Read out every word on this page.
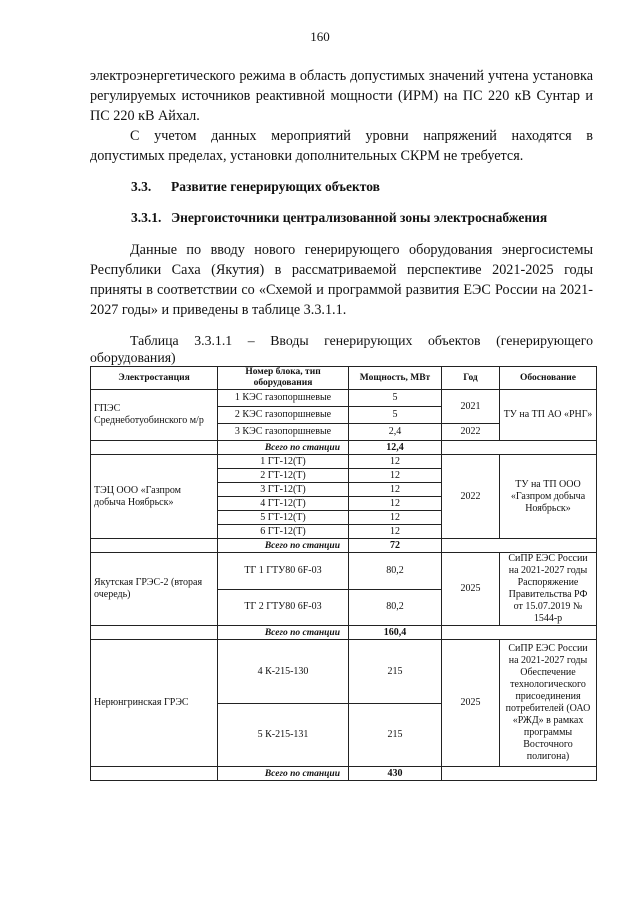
160

электроэнергетического режима в область допустимых значений учтена установка регулируемых источников реактивной мощности (ИРМ) на ПС 220 кВ Сунтар и ПС 220 кВ Айхал.

С учетом данных мероприятий уровни напряжений находятся в допустимых пределах, установки дополнительных СКРМ не требуется.

3.3. Развитие генерирующих объектов

3.3.1. Энергоисточники централизованной зоны электроснабжения

Данные по вводу нового генерирующего оборудования энергосистемы Республики Саха (Якутия) в рассматриваемой перспективе 2021-2025 годы приняты в соответствии со «Схемой и программой развития ЕЭС России на 2021-2027 годы» и приведены в таблице 3.3.1.1.

Таблица 3.3.1.1 – Вводы генерирующих объектов (генерирующего
оборудования)

Электростанция	Номер блока, тип оборудования	Мощность, МВт	Год	Обоснование
ГПЭС Среднеботуобинского м/р	1 КЭС газопоршневые	5	2021	ТУ на ТП АО «РНГ»
	2 КЭС газопоршневые	5		
	3 КЭС газопоршневые	2,4	2022	
	Всего по станции	12,4		
ТЭЦ ООО «Газпром добыча Ноябрьск»	1 ГТ-12(Т)	12	2022	ТУ на ТП ООО «Газпром добыча Ноябрьск»
	2 ГТ-12(Т)	12		
	3 ГТ-12(Т)	12		
	4 ГТ-12(Т)	12		
	5 ГТ-12(Т)	12		
	6 ГТ-12(Т)	12		
	Всего по станции	72		
Якутская ГРЭС-2 (вторая очередь)	ТГ 1 ГТУ80 6F-03	80,2	2025	СиПР ЕЭС России на 2021-2027 годы Распоряжение Правительства РФ от 15.07.2019 № 1544-р
	ТГ 2 ГТУ80 6F-03	80,2		
	Всего по станции	160,4		
Нерюнгринская ГРЭС	4 К-215-130	215	2025	СиПР ЕЭС России на 2021-2027 годы Обеспечение технологического присоединения потребителей (ОАО «РЖД» в рамках программы Восточного полигона)
	5 К-215-131	215		
	Всего по станции	430		
